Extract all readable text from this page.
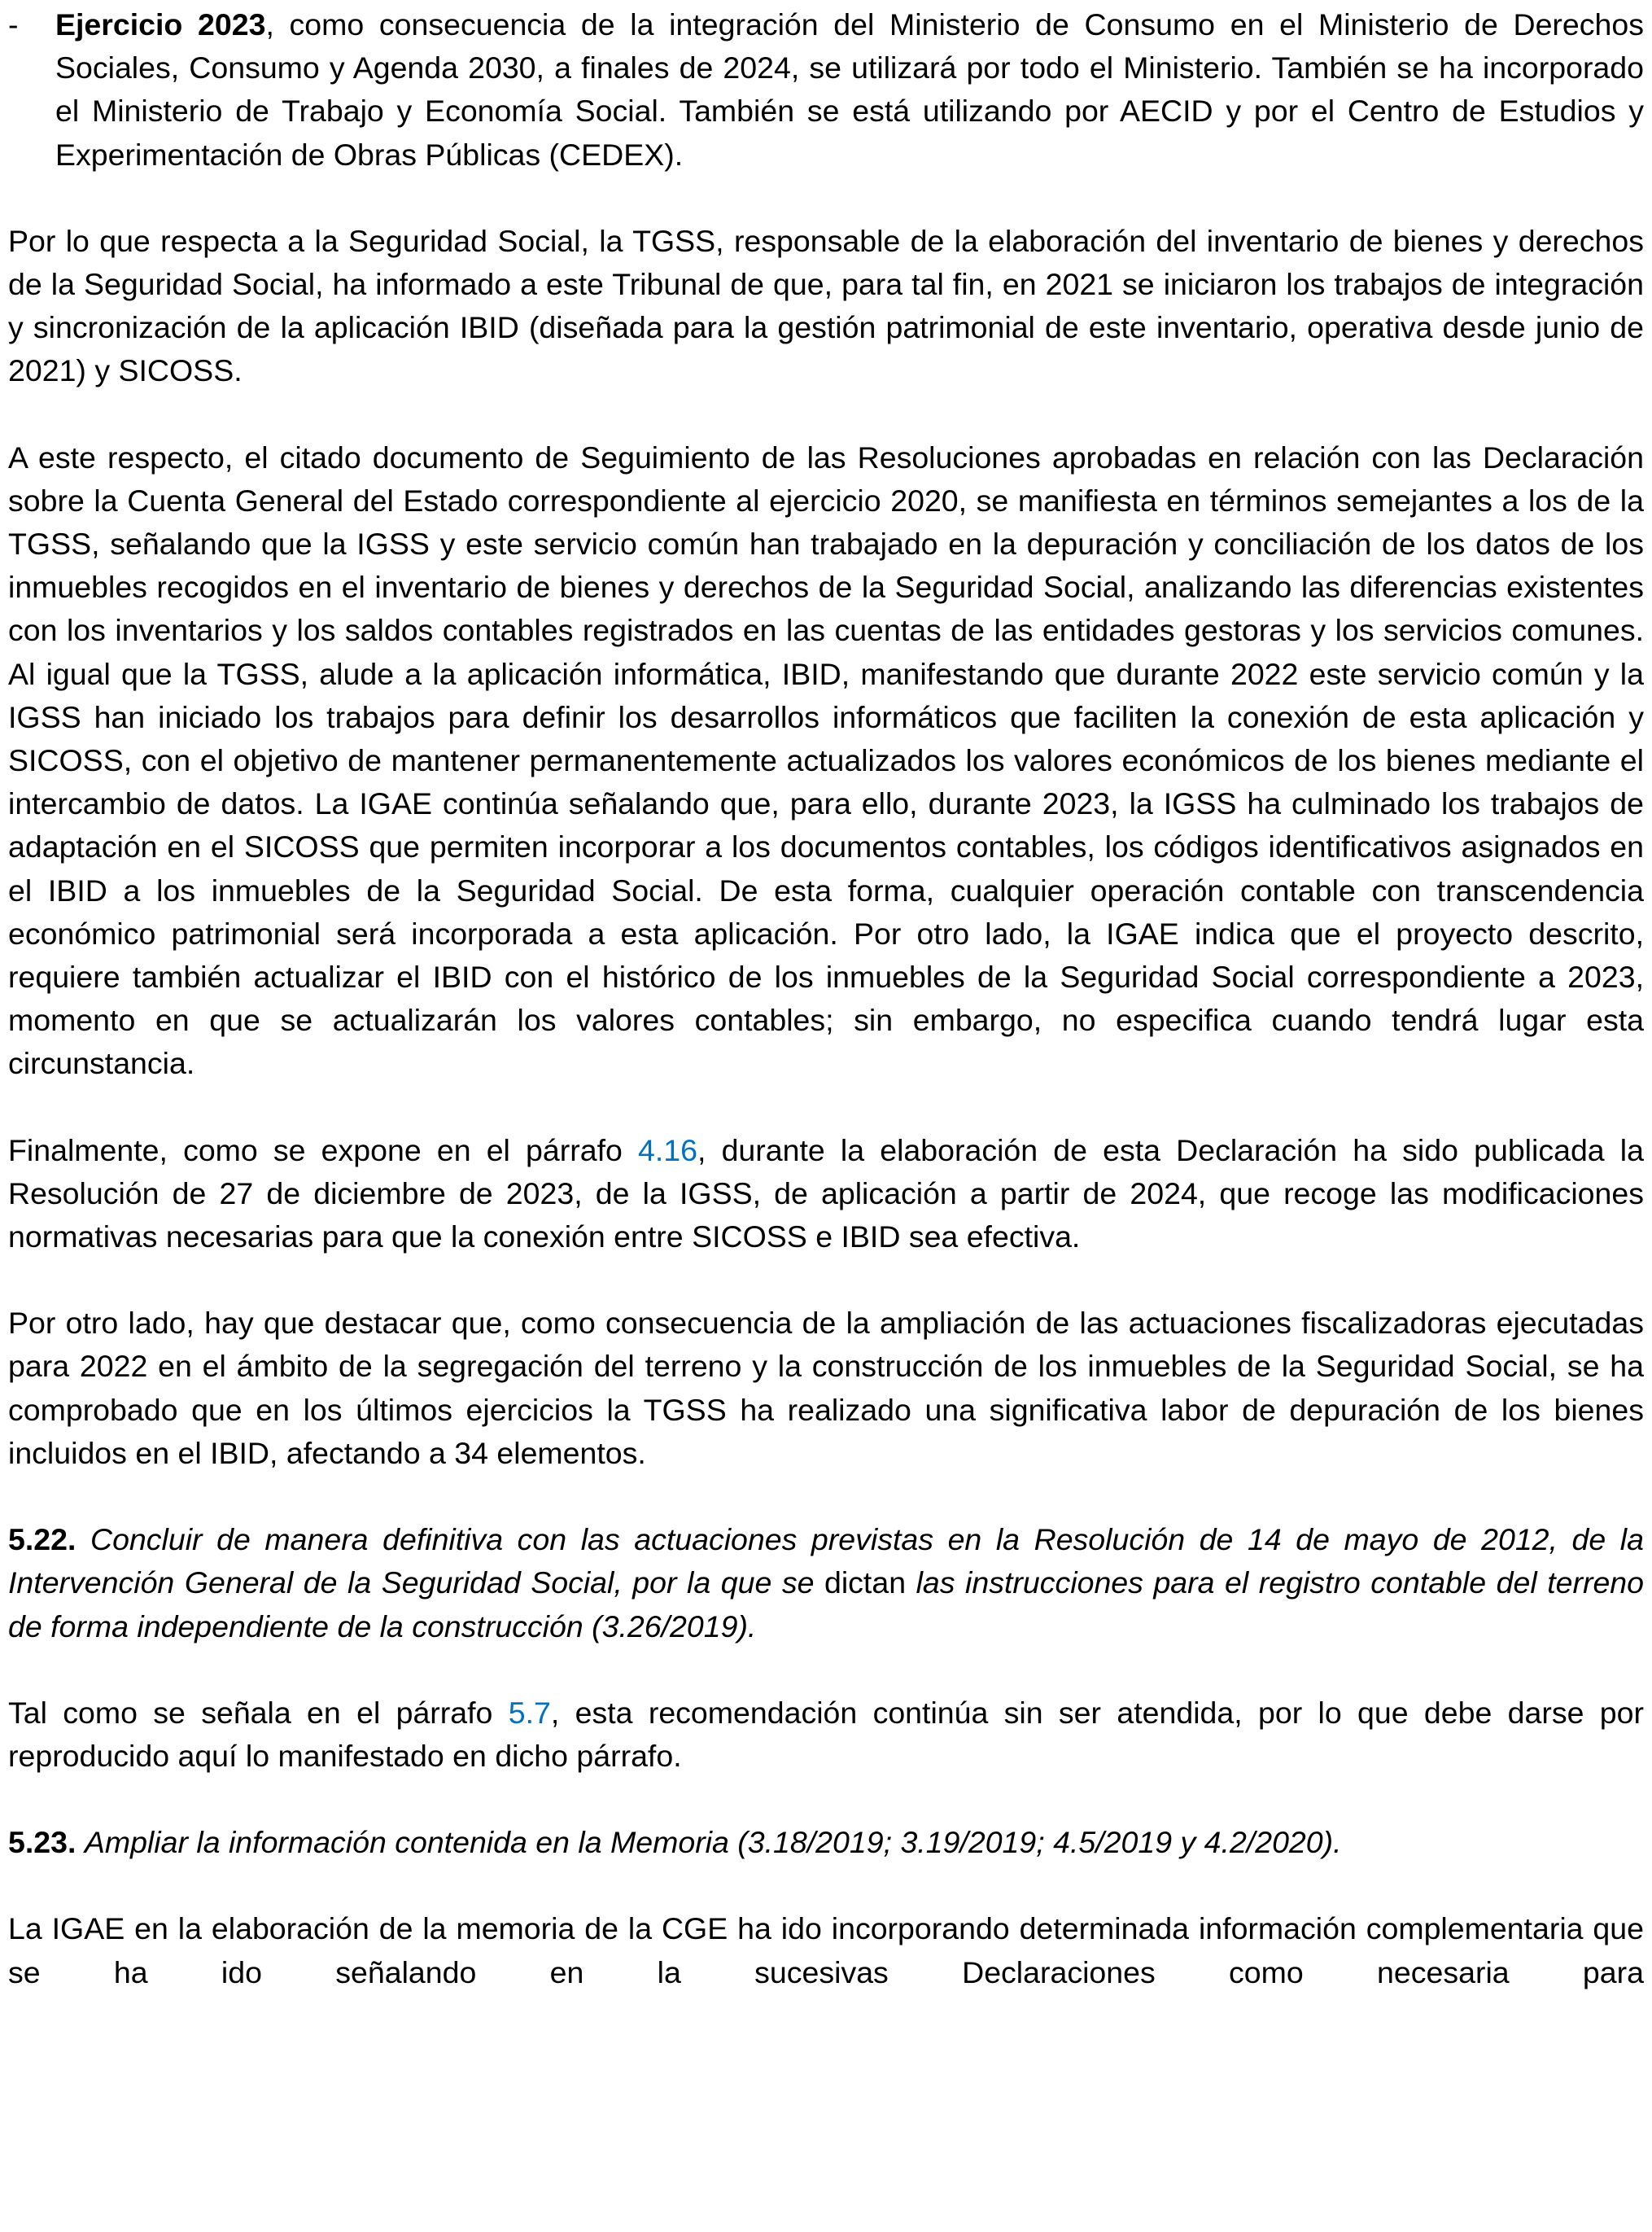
-	Ejercicio 2023, como consecuencia de la integración del Ministerio de Consumo en el Ministerio de Derechos Sociales, Consumo y Agenda 2030, a finales de 2024, se utilizará por todo el Ministerio. También se ha incorporado el Ministerio de Trabajo y Economía Social. También se está utilizando por AECID y por el Centro de Estudios y Experimentación de Obras Públicas (CEDEX).

Por lo que respecta a la Seguridad Social, la TGSS, responsable de la elaboración del inventario de bienes y derechos de la Seguridad Social, ha informado a este Tribunal de que, para tal fin, en 2021 se iniciaron los trabajos de integración y sincronización de la aplicación IBID (diseñada para la gestión patrimonial de este inventario, operativa desde junio de 2021) y SICOSS.

A este respecto, el citado documento de Seguimiento de las Resoluciones aprobadas en relación con las Declaración sobre la Cuenta General del Estado correspondiente al ejercicio 2020, se manifiesta en términos semejantes a los de la TGSS, señalando que la IGSS y este servicio común han trabajado en la depuración y conciliación de los datos de los inmuebles recogidos en el inventario de bienes y derechos de la Seguridad Social, analizando las diferencias existentes con los inventarios y los saldos contables registrados en las cuentas de las entidades gestoras y los servicios comunes. Al igual que la TGSS, alude a la aplicación informática, IBID, manifestando que durante 2022 este servicio común y la IGSS han iniciado los trabajos para definir los desarrollos informáticos que faciliten la conexión de esta aplicación y SICOSS, con el objetivo de mantener permanentemente actualizados los valores económicos de los bienes mediante el intercambio de datos. La IGAE continúa señalando que, para ello, durante 2023, la IGSS ha culminado los trabajos de adaptación en el SICOSS que permiten incorporar a los documentos contables, los códigos identificativos asignados en el IBID a los inmuebles de la Seguridad Social. De esta forma, cualquier operación contable con transcendencia económico patrimonial será incorporada a esta aplicación. Por otro lado, la IGAE indica que el proyecto descrito, requiere también actualizar el IBID con el histórico de los inmuebles de la Seguridad Social correspondiente a 2023, momento en que se actualizarán los valores contables; sin embargo, no especifica cuando tendrá lugar esta circunstancia.

Finalmente, como se expone en el párrafo 4.16, durante la elaboración de esta Declaración ha sido publicada la Resolución de 27 de diciembre de 2023, de la IGSS, de aplicación a partir de 2024, que recoge las modificaciones normativas necesarias para que la conexión entre SICOSS e IBID sea efectiva.

Por otro lado, hay que destacar que, como consecuencia de la ampliación de las actuaciones fiscalizadoras ejecutadas para 2022 en el ámbito de la segregación del terreno y la construcción de los inmuebles de la Seguridad Social, se ha comprobado que en los últimos ejercicios la TGSS ha realizado una significativa labor de depuración de los bienes incluidos en el IBID, afectando a 34 elementos.

5.22. Concluir de manera definitiva con las actuaciones previstas en la Resolución de 14 de mayo de 2012, de la Intervención General de la Seguridad Social, por la que se dictan las instrucciones para el registro contable del terreno de forma independiente de la construcción (3.26/2019).

Tal como se señala en el párrafo 5.7, esta recomendación continúa sin ser atendida, por lo que debe darse por reproducido aquí lo manifestado en dicho párrafo.

5.23. Ampliar la información contenida en la Memoria (3.18/2019; 3.19/2019; 4.5/2019 y 4.2/2020).

La IGAE en la elaboración de la memoria de la CGE ha ido incorporando determinada información complementaria que se ha ido señalando en la sucesivas Declaraciones como necesaria para
